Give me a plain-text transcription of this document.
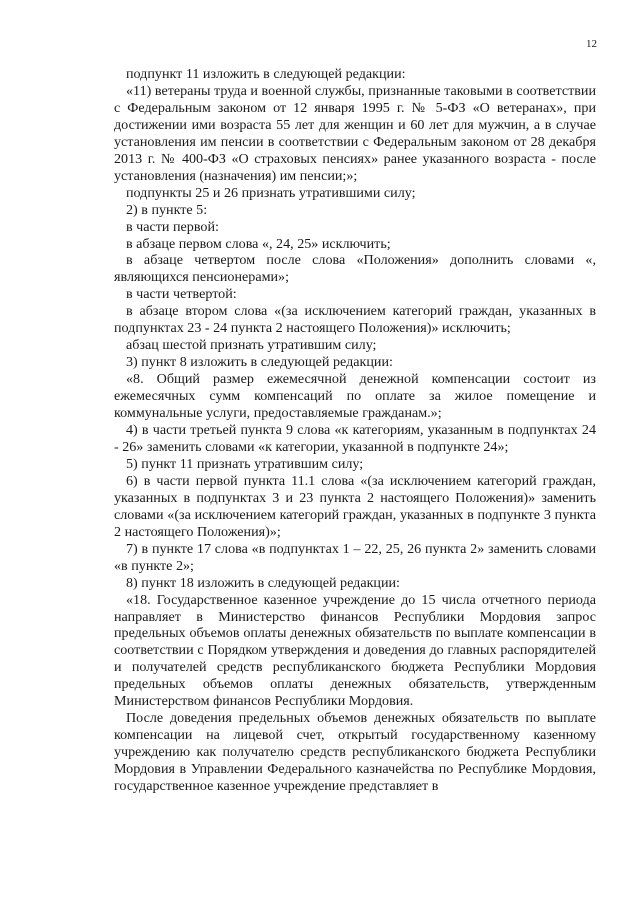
12

подпункт 11 изложить в следующей редакции:

«11) ветераны труда и военной службы, признанные таковыми в соответствии с Федеральным законом от 12 января 1995 г. № 5-ФЗ «О ветеранах», при достижении ими возраста 55 лет для женщин и 60 лет для мужчин, а в случае установления им пенсии в соответствии с Федеральным законом от 28 декабря 2013 г. № 400-ФЗ «О страховых пенсиях» ранее указанного возраста - после установления (назначения) им пенсии;»;

подпункты 25 и 26 признать утратившими силу;

2) в пункте 5:

в части первой:

в абзаце первом слова «, 24, 25» исключить;

в абзаце четвертом после слова «Положения» дополнить словами «, являющихся пенсионерами»;

в части четвертой:

в абзаце втором слова «(за исключением категорий граждан, указанных в подпунктах 23 - 24 пункта 2 настоящего Положения)» исключить;

абзац шестой признать утратившим силу;

3) пункт 8 изложить в следующей редакции:

«8. Общий размер ежемесячной денежной компенсации состоит из ежемесячных сумм компенсаций по оплате за жилое помещение и коммунальные услуги, предоставляемые гражданам.»;

4) в части третьей пункта 9 слова «к категориям, указанным в подпунктах 24 - 26» заменить словами «к категории, указанной в подпункте 24»;

5) пункт 11 признать утратившим силу;

6) в части первой пункта 11.1 слова «(за исключением категорий граждан, указанных в подпунктах 3 и 23 пункта 2 настоящего Положения)» заменить словами «(за исключением категорий граждан, указанных в подпункте 3 пункта 2 настоящего Положения)»;

7) в пункте 17 слова «в подпунктах 1 – 22, 25, 26 пункта 2» заменить словами «в пункте 2»;

8) пункт 18 изложить в следующей редакции:

«18. Государственное казенное учреждение до 15 числа отчетного периода направляет в Министерство финансов Республики Мордовия запрос предельных объемов оплаты денежных обязательств по выплате компенсации в соответствии с Порядком утверждения и доведения до главных распорядителей и получателей средств республиканского бюджета Республики Мордовия предельных объемов оплаты денежных обязательств, утвержденным Министерством финансов Республики Мордовия.

После доведения предельных объемов денежных обязательств по выплате компенсации на лицевой счет, открытый государственному казенному учреждению как получателю средств республиканского бюджета Республики Мордовия в Управлении Федерального казначейства по Республике Мордовия, государственное казенное учреждение представляет в
